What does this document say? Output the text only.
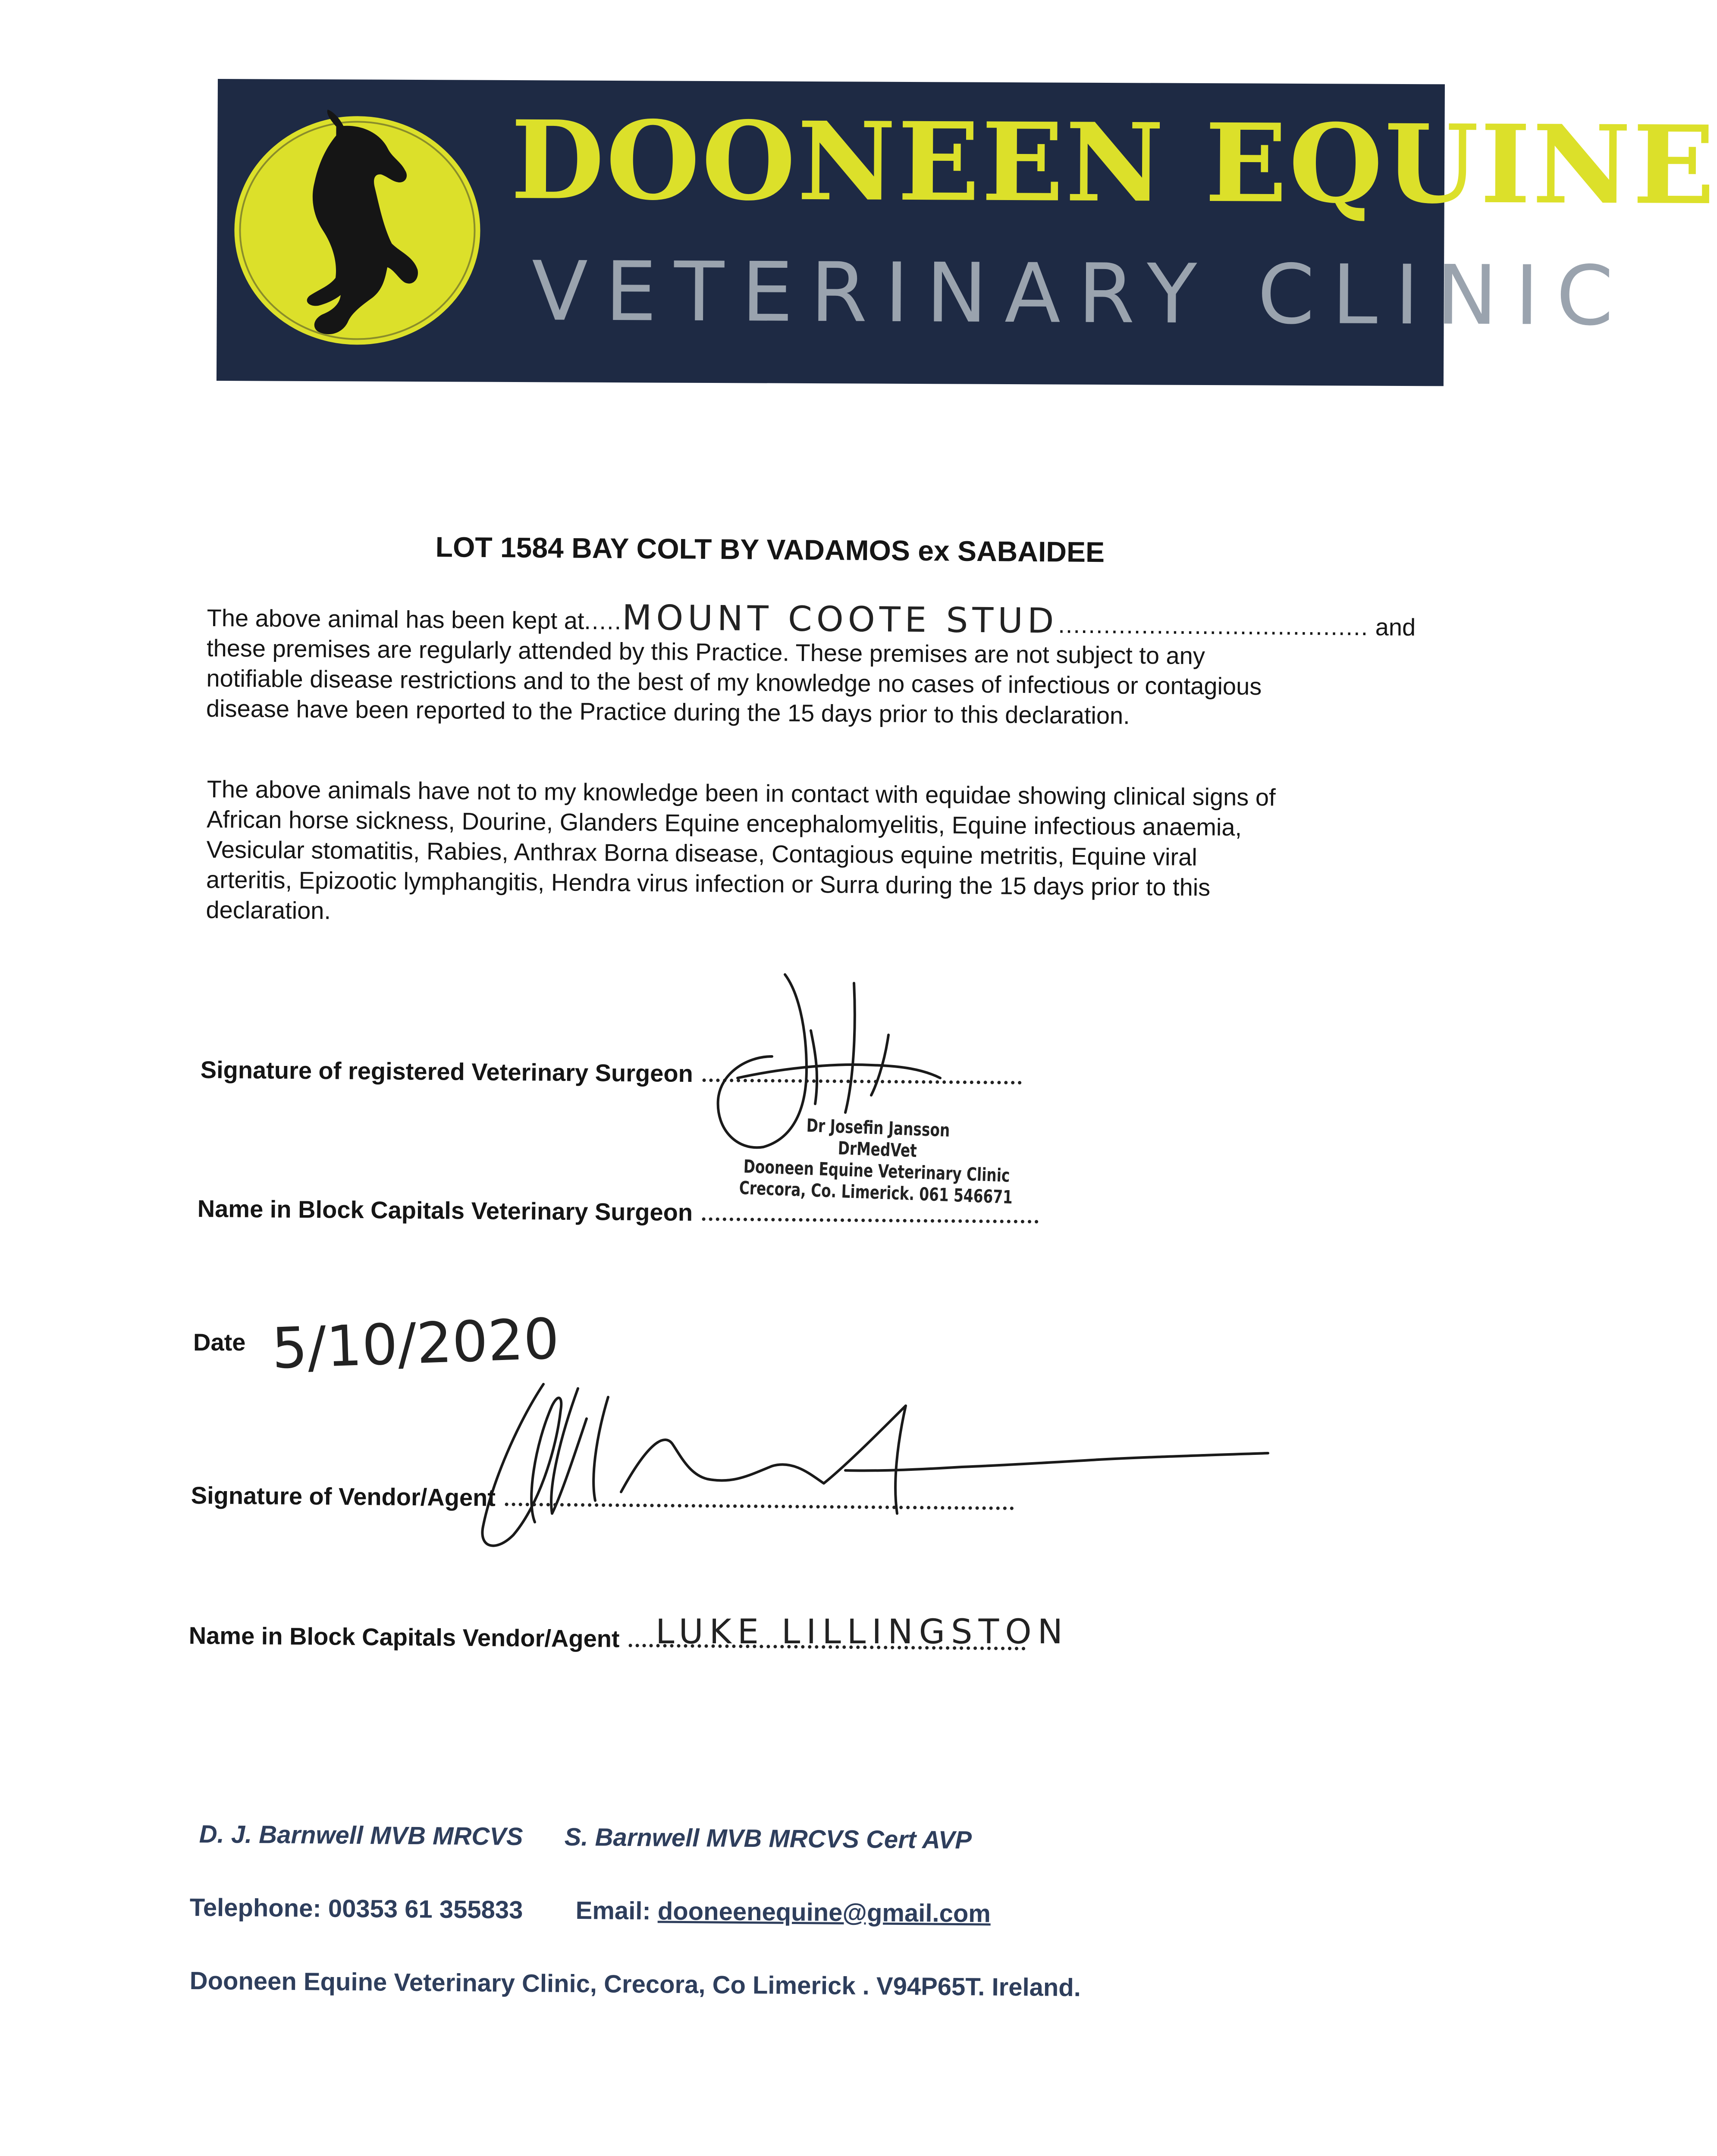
DOONEEN EQUINE
VETERINARY CLINIC
LOT 1584 BAY COLT BY VADAMOS ex SABAIDEE

The above animal has been kept at.....MOUNT COOTE STUD......................................... and

these premises are regularly attended by this Practice. These premises are not subject to any

notifiable disease restrictions and to the best of my knowledge no cases of infectious or contagious

disease have been reported to the Practice during the 15 days prior to this declaration.

The above animals have not to my knowledge been in contact with equidae showing clinical signs of

African horse sickness, Dourine, Glanders Equine encephalomyelitis, Equine infectious anaemia,

Vesicular stomatitis, Rabies, Anthrax Borna disease, Contagious equine metritis, Equine viral

arteritis, Epizootic lymphangitis, Hendra virus infection or Surra during the 15 days prior to this

declaration.

Signature of registered Veterinary Surgeon
Dr Josefin Jansson
DrMedVet
Dooneen Equine Veterinary Clinic
Crecora, Co. Limerick. 061 546671
Name in Block Capitals Veterinary Surgeon
Date 5/10/2020
Signature of Vendor/Agent
Name in Block Capitals Vendor/Agent	LUKE LILLINGSTON
D. J. Barnwell MVB MRCVS S. Barnwell MVB MRCVS Cert AVP
Telephone: 00353 61 355833 Email: dooneenequine@gmail.com
Dooneen Equine Veterinary Clinic, Crecora, Co Limerick . V94P65T. Ireland.
